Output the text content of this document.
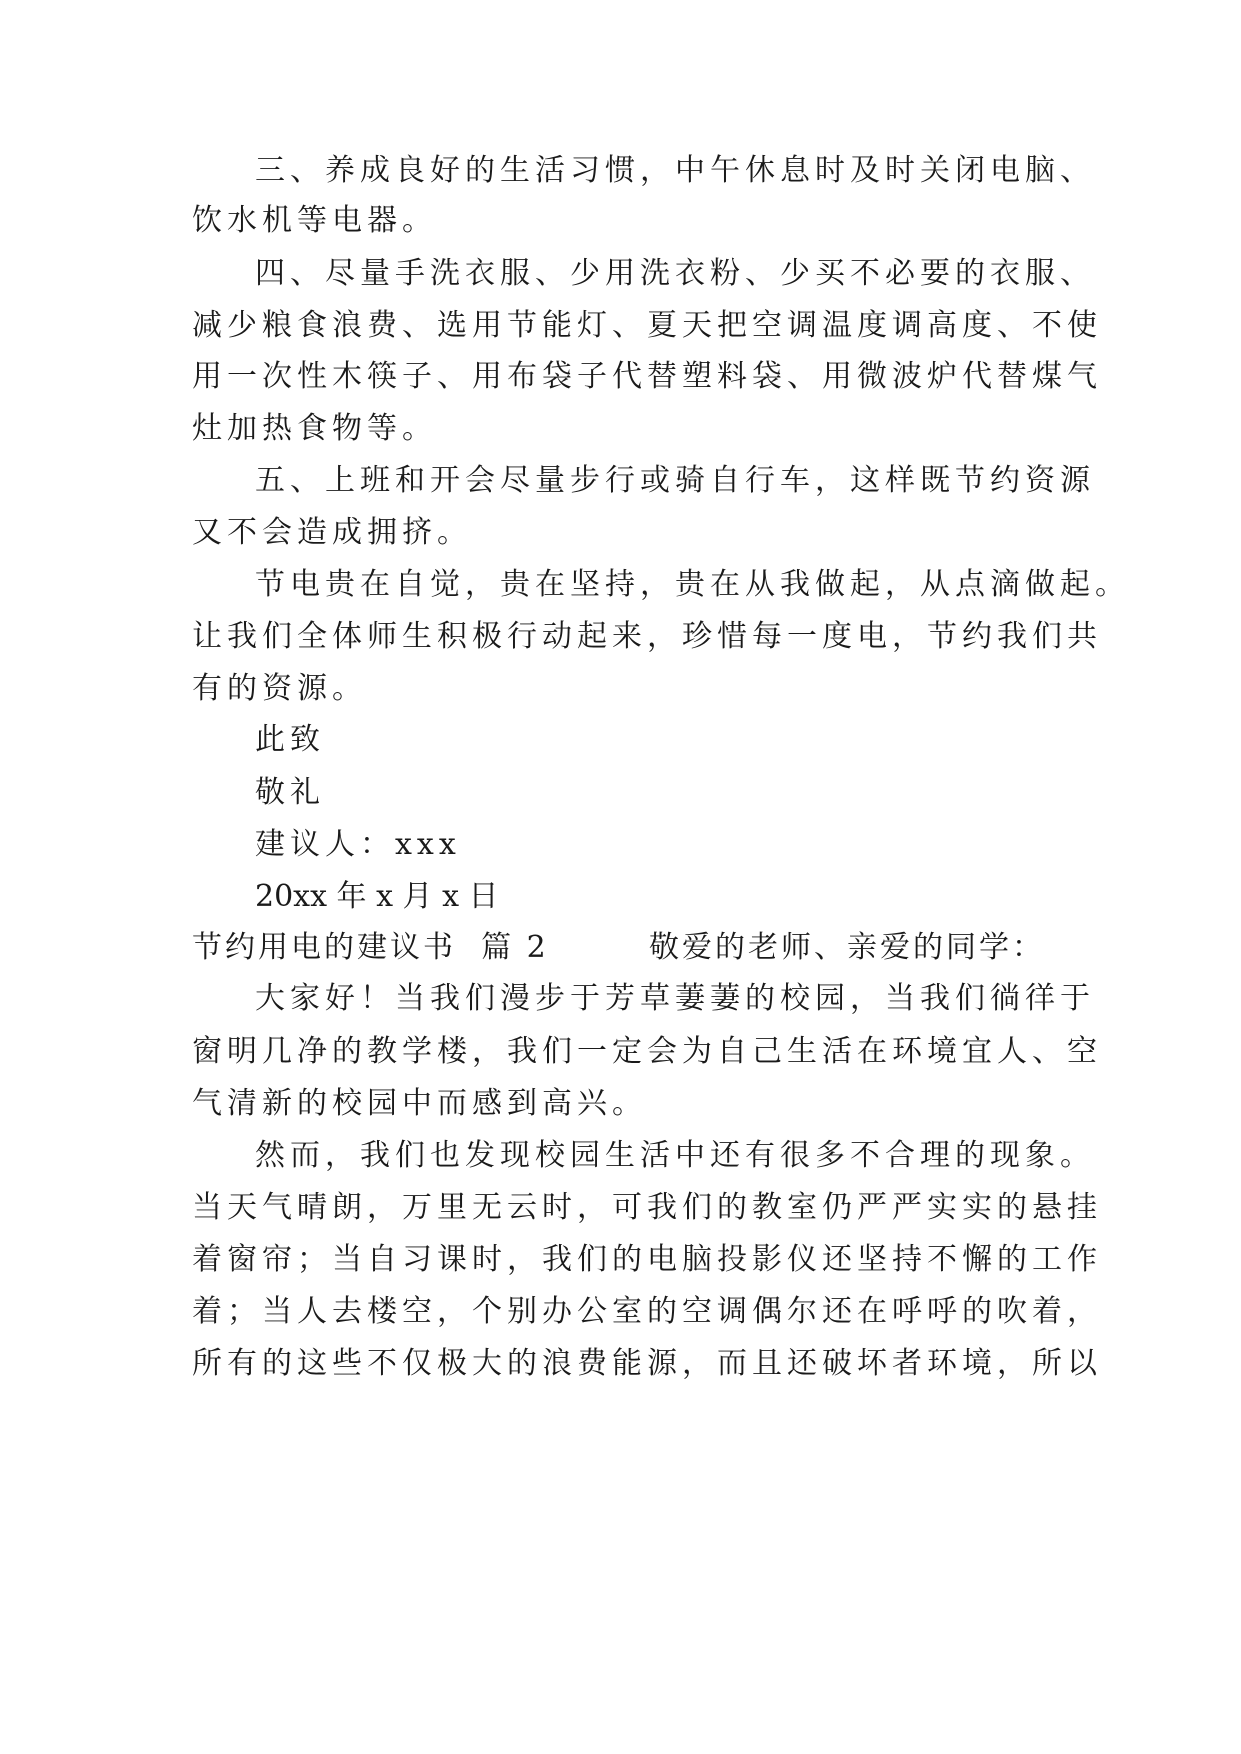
三、养成良好的生活习惯，中午休息时及时关闭电脑、
饮水机等电器。
四、尽量手洗衣服、少用洗衣粉、少买不必要的衣服、
减少粮食浪费、选用节能灯、夏天把空调温度调高度、不使
用一次性木筷子、用布袋子代替塑料袋、用微波炉代替煤气
灶加热食物等。
五、上班和开会尽量步行或骑自行车，这样既节约资源
又不会造成拥挤。
节电贵在自觉，贵在坚持，贵在从我做起，从点滴做起。
让我们全体师生积极行动起来，珍惜每一度电，节约我们共
有的资源。
此致
敬礼
建议人：xxx
20xx 年 x 月 x 日
节约用电的建议书  篇 2        敬爱的老师、亲爱的同学：
大家好！当我们漫步于芳草萋萋的校园，当我们徜徉于
窗明几净的教学楼，我们一定会为自己生活在环境宜人、空
气清新的校园中而感到高兴。
然而，我们也发现校园生活中还有很多不合理的现象。
当天气晴朗，万里无云时，可我们的教室仍严严实实的悬挂
着窗帘；当自习课时，我们的电脑投影仪还坚持不懈的工作
着；当人去楼空，个别办公室的空调偶尔还在呼呼的吹着，
所有的这些不仅极大的浪费能源，而且还破坏者环境，所以
